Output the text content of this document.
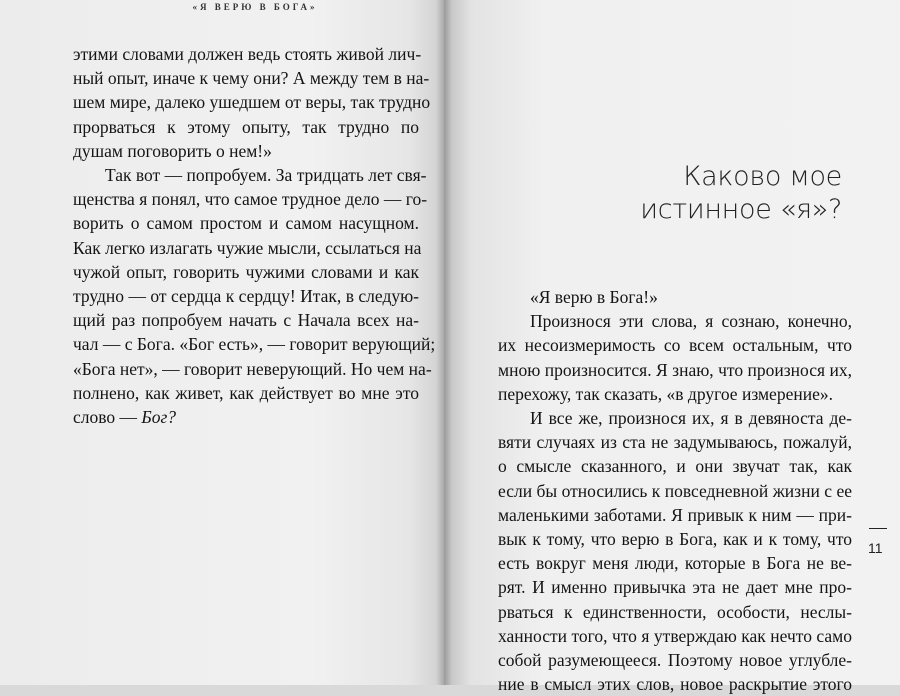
«Я ВЕРЮ В БОГА»

этими словами должен ведь стоять живой лич-
ный опыт, иначе к чему они? А между тем в на-
шем мире, далеко ушедшем от веры, так трудно
прорваться к этому опыту, так трудно по
душам поговорить о нем!»
Так вот — попробуем. За тридцать лет свя-
щенства я понял, что самое трудное дело — го-
ворить о самом простом и самом насущном.
Как легко излагать чужие мысли, ссылаться на
чужой опыт, говорить чужими словами и как
трудно — от сердца к сердцу! Итак, в следую-
щий раз попробуем начать с Начала всех на-
чал — с Бога. «Бог есть», — говорит верующий;
«Бога нет», — говорит неверующий. Но чем на-
полнено, как живет, как действует во мне это
слово — Бог?

Каково мое
истинное «я»?
«Я верю в Бога!»
Произнося эти слова, я сознаю, конечно,
их несоизмеримость со всем остальным, что
мною произносится. Я знаю, что произнося их,
перехожу, так сказать, «в другое измерение».
И все же, произнося их, я в девяноста де-
вяти случаях из ста не задумываюсь, пожалуй,
о смысле сказанного, и они звучат так, как
если бы относились к повседневной жизни с ее
маленькими заботами. Я привык к ним — при-
вык к тому, что верю в Бога, как и к тому, что
есть вокруг меня люди, которые в Бога не ве-
рят. И именно привычка эта не дает мне про-
рваться к единственности, особости, неслы-
ханности того, что я утверждаю как нечто само
собой разумеющееся. Поэтому новое углубле-
ние в смысл этих слов, новое раскрытие этого
11
